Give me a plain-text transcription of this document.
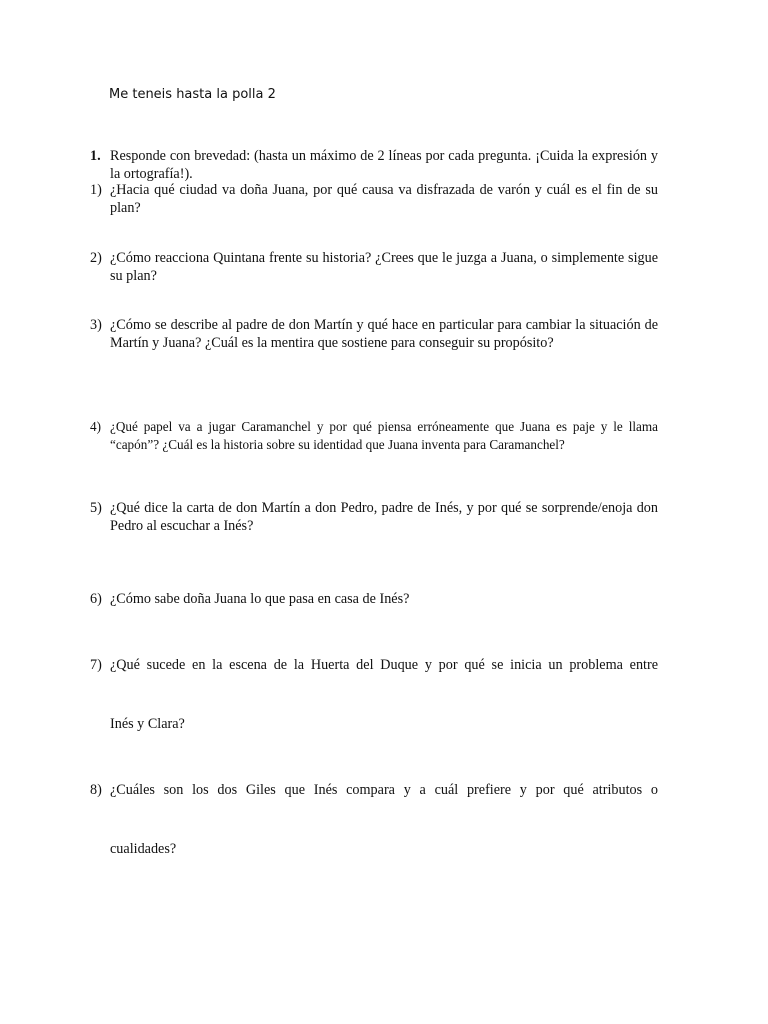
Me teneis hasta la polla 2
1. Responde con brevedad: (hasta un máximo de 2 líneas por cada pregunta. ¡Cuida la expresión y la ortografía!).
1) ¿Hacia qué ciudad va doña Juana, por qué causa va disfrazada de varón y cuál es el fin de su plan?
2) ¿Cómo reacciona Quintana frente su historia? ¿Crees que le juzga a Juana, o simplemente sigue su plan?
3) ¿Cómo se describe al padre de don Martín y qué hace en particular para cambiar la situación de Martín y Juana? ¿Cuál es la mentira que sostiene para conseguir su propósito?
4) ¿Qué papel va a jugar Caramanchel y por qué piensa erróneamente que Juana es paje y le llama “capón”? ¿Cuál es la historia sobre su identidad que Juana inventa para Caramanchel?
5) ¿Qué dice la carta de don Martín a don Pedro, padre de Inés, y por qué se sorprende/enoja don Pedro al escuchar a Inés?
6) ¿Cómo sabe doña Juana lo que pasa en casa de Inés?
7) ¿Qué sucede en la escena de la Huerta del Duque y por qué se inicia un problema entre
Inés y Clara?
8) ¿Cuáles son los dos Giles que Inés compara y a cuál prefiere y por qué atributos o
cualidades?
